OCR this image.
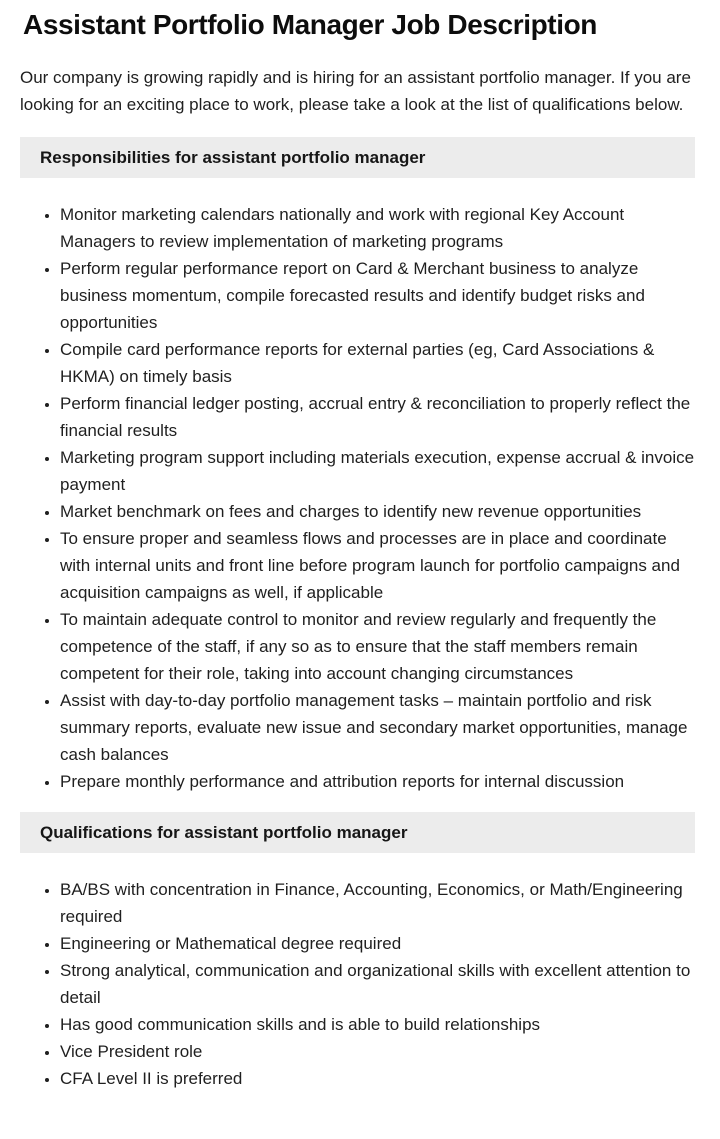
Assistant Portfolio Manager Job Description

Our company is growing rapidly and is hiring for an assistant portfolio manager. If you are looking for an exciting place to work, please take a look at the list of qualifications below.

Responsibilities for assistant portfolio manager
• Monitor marketing calendars nationally and work with regional Key Account Managers to review implementation of marketing programs
• Perform regular performance report on Card & Merchant business to analyze business momentum, compile forecasted results and identify budget risks and opportunities
• Compile card performance reports for external parties (eg, Card Associations & HKMA) on timely basis
• Perform financial ledger posting, accrual entry & reconciliation to properly reflect the financial results
• Marketing program support including materials execution, expense accrual & invoice payment
• Market benchmark on fees and charges to identify new revenue opportunities
• To ensure proper and seamless flows and processes are in place and coordinate with internal units and front line before program launch for portfolio campaigns and acquisition campaigns as well, if applicable
• To maintain adequate control to monitor and review regularly and frequently the competence of the staff, if any so as to ensure that the staff members remain competent for their role, taking into account changing circumstances
• Assist with day-to-day portfolio management tasks – maintain portfolio and risk summary reports, evaluate new issue and secondary market opportunities, manage cash balances
• Prepare monthly performance and attribution reports for internal discussion
Qualifications for assistant portfolio manager
• BA/BS with concentration in Finance, Accounting, Economics, or Math/Engineering required
• Engineering or Mathematical degree required
• Strong analytical, communication and organizational skills with excellent attention to detail
• Has good communication skills and is able to build relationships
• Vice President role
• CFA Level II is preferred
